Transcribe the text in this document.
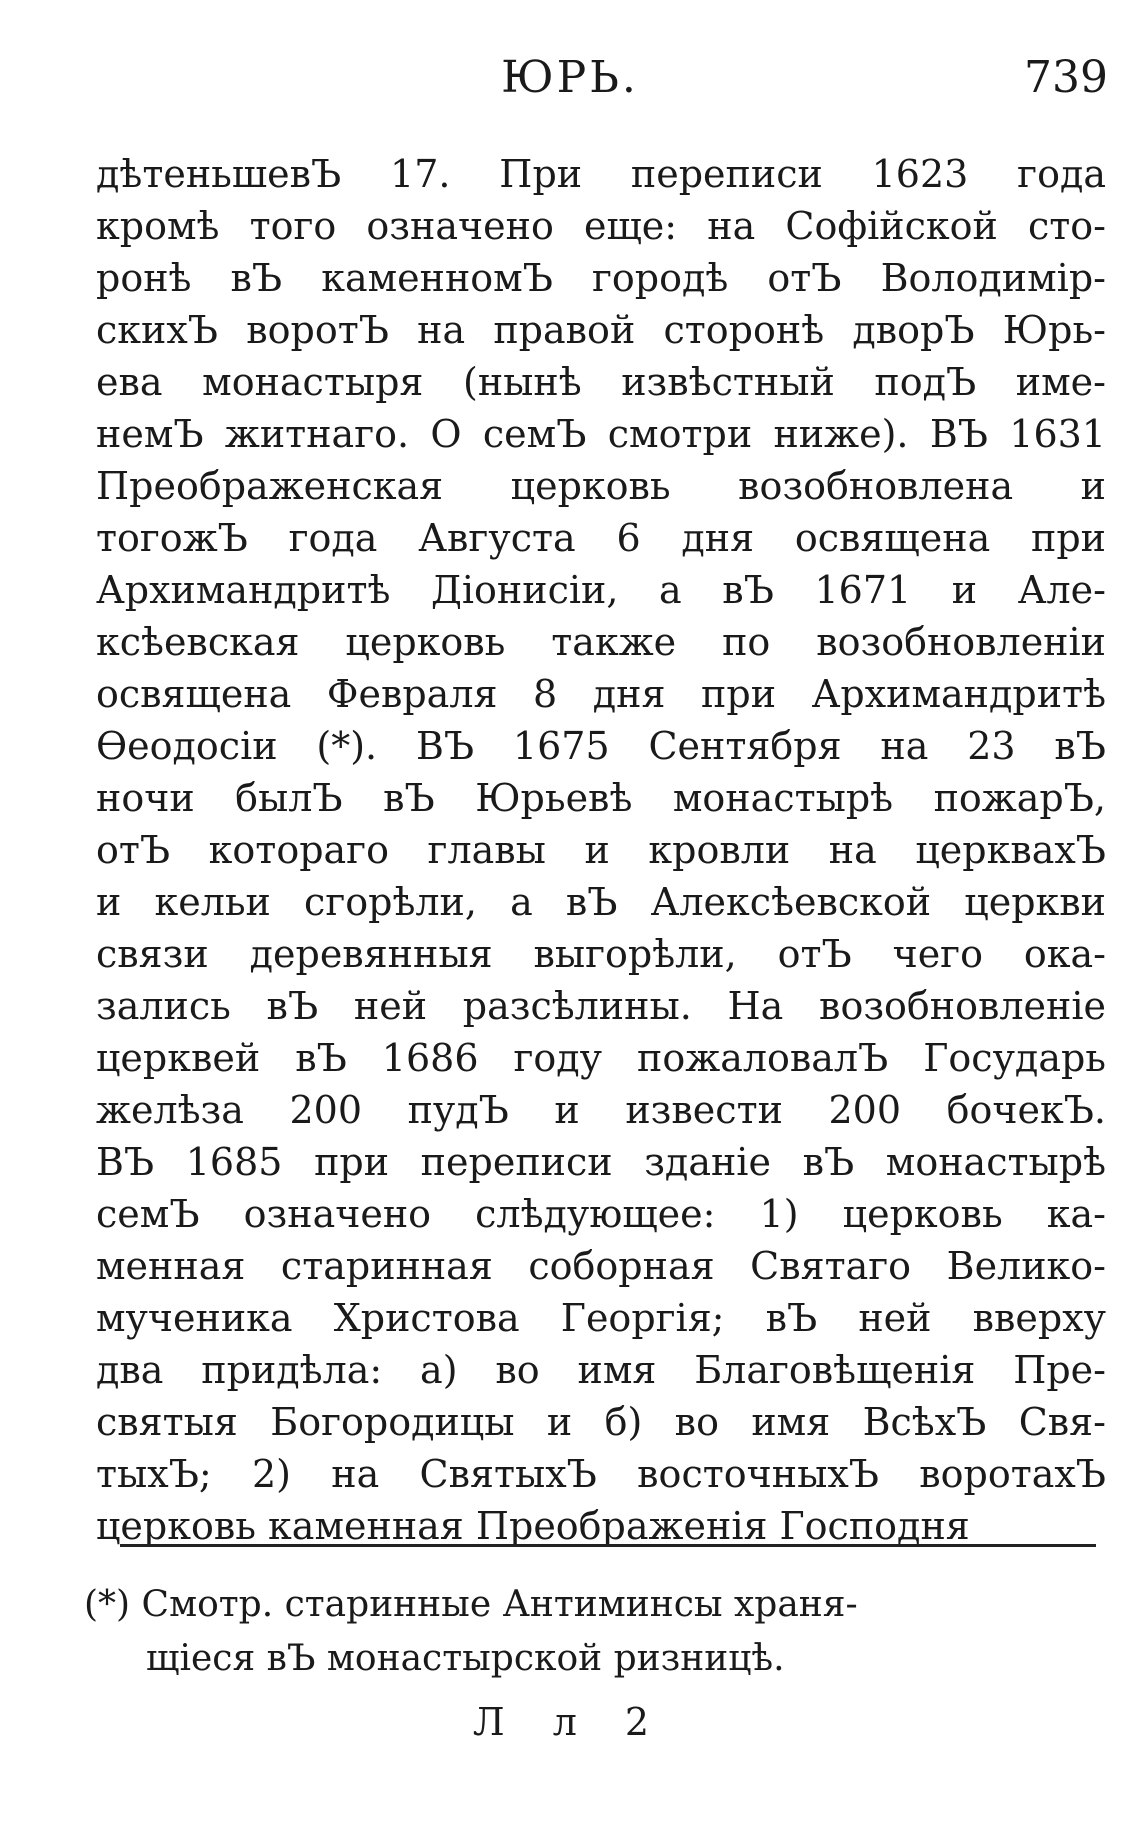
ЮРЬ.	739
дѣтеньшевЪ 17. При переписи 1623 года
кромѣ того означено еще: на Софiйской сто-
ронѣ вЪ каменномЪ городѣ отЪ Володимiр-
скихЪ воротЪ на правой сторонѣ дворЪ Юрь-
ева монастыря (нынѣ извѣстный подЪ име-
немЪ житнаго. О семЪ смотри ниже). ВЪ 1631
Преображенская церковь возобновлена и
тогожЪ года Августа 6 дня освящена при
Архимандритѣ Дiонисiи, а вЪ 1671 и Але-
ксѣевская церковь также по возобновленiи
освящена Февраля 8 дня при Архимандритѣ
Өеодосiи (*). ВЪ 1675 Сентября на 23 вЪ
ночи былЪ вЪ Юрьевѣ монастырѣ пожарЪ,
отЪ котораго главы и кровли на церквахЪ
и кельи сгорѣли, а вЪ Алексѣевской церкви
связи деревянныя выгорѣли, отЪ чего ока-
зались вЪ ней разсѣлины. На возобновленiе
церквей вЪ 1686 году пожаловалЪ Государь
желѣза 200 пудЪ и извести 200 бочекЪ.
ВЪ 1685 при переписи зданiе вЪ монастырѣ
семЪ означено слѣдующее: 1) церковь ка-
менная старинная соборная Святаго Велико-
мученика Христова Георгiя; вЪ ней вверху
два придѣла: а) во имя Благовѣщенiя Пре-
святыя Богородицы и б) во имя ВсѣхЪ Свя-
тыхЪ; 2) на СвятыхЪ восточныхЪ воротахЪ
церковь каменная Преображенiя Господня
(*) Смотр. старинные Антиминсы храня-
щiеся вЪ монастырской ризницѣ.
Л л 2
